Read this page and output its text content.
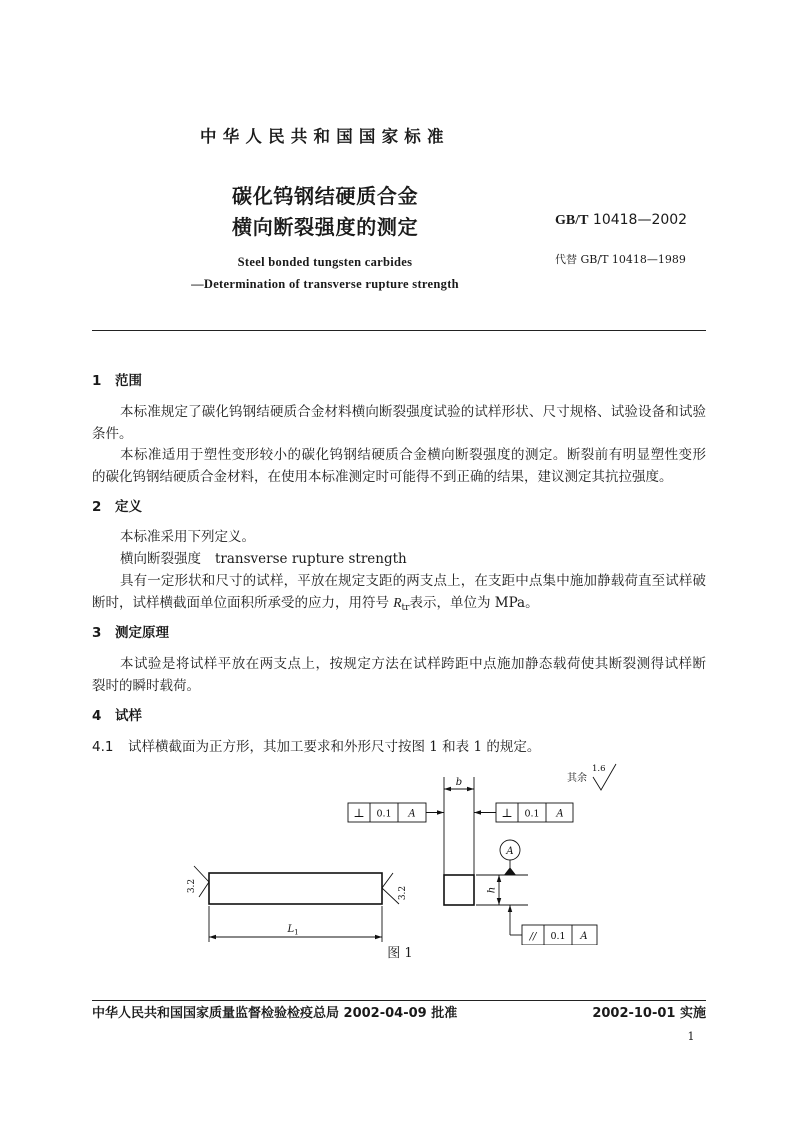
中华人民共和国国家标准
碳化钨钢结硬质合金
横向断裂强度的测定	GB/T 10418—2002
Steel bonded tungsten carbides
—Determination of transverse rupture strength
代替 GB/T 10418—1989
1 范围
本标准规定了碳化钨钢结硬质合金材料横向断裂强度试验的试样形状、尺寸规格、试验设备和试验
条件。
本标准适用于塑性变形较小的碳化钨钢结硬质合金横向断裂强度的测定。断裂前有明显塑性变形
的碳化钨钢结硬质合金材料，在使用本标准测定时可能得不到正确的结果，建议测定其抗拉强度。
2 定义
本标准采用下列定义。
横向断裂强度 transverse rupture strength
具有一定形状和尺寸的试样，平放在规定支距的两支点上，在支距中点集中施加静载荷直至试样破
断时，试样横截面单位面积所承受的应力，用符号 $R_{tr}$表示，单位为 MPa。
3 测定原理
本试验是将试样平放在两支点上，按规定方法在试样跨距中点施加静态载荷使其断裂测得试样断
裂时的瞬时载荷。
4 试样
4.1 试样横截面为正方形，其加工要求和外形尺寸按图 1 和表 1 的规定。
其余
1.6
b
⊥ 0.1 A	⊥ 0.1 A
A
h
// 0.1 A
3.2	3.2
$L_1$
图 1
中华人民共和国国家质量监督检验检疫总局 2002-04-09 批准	2002-10-01 实施
1
